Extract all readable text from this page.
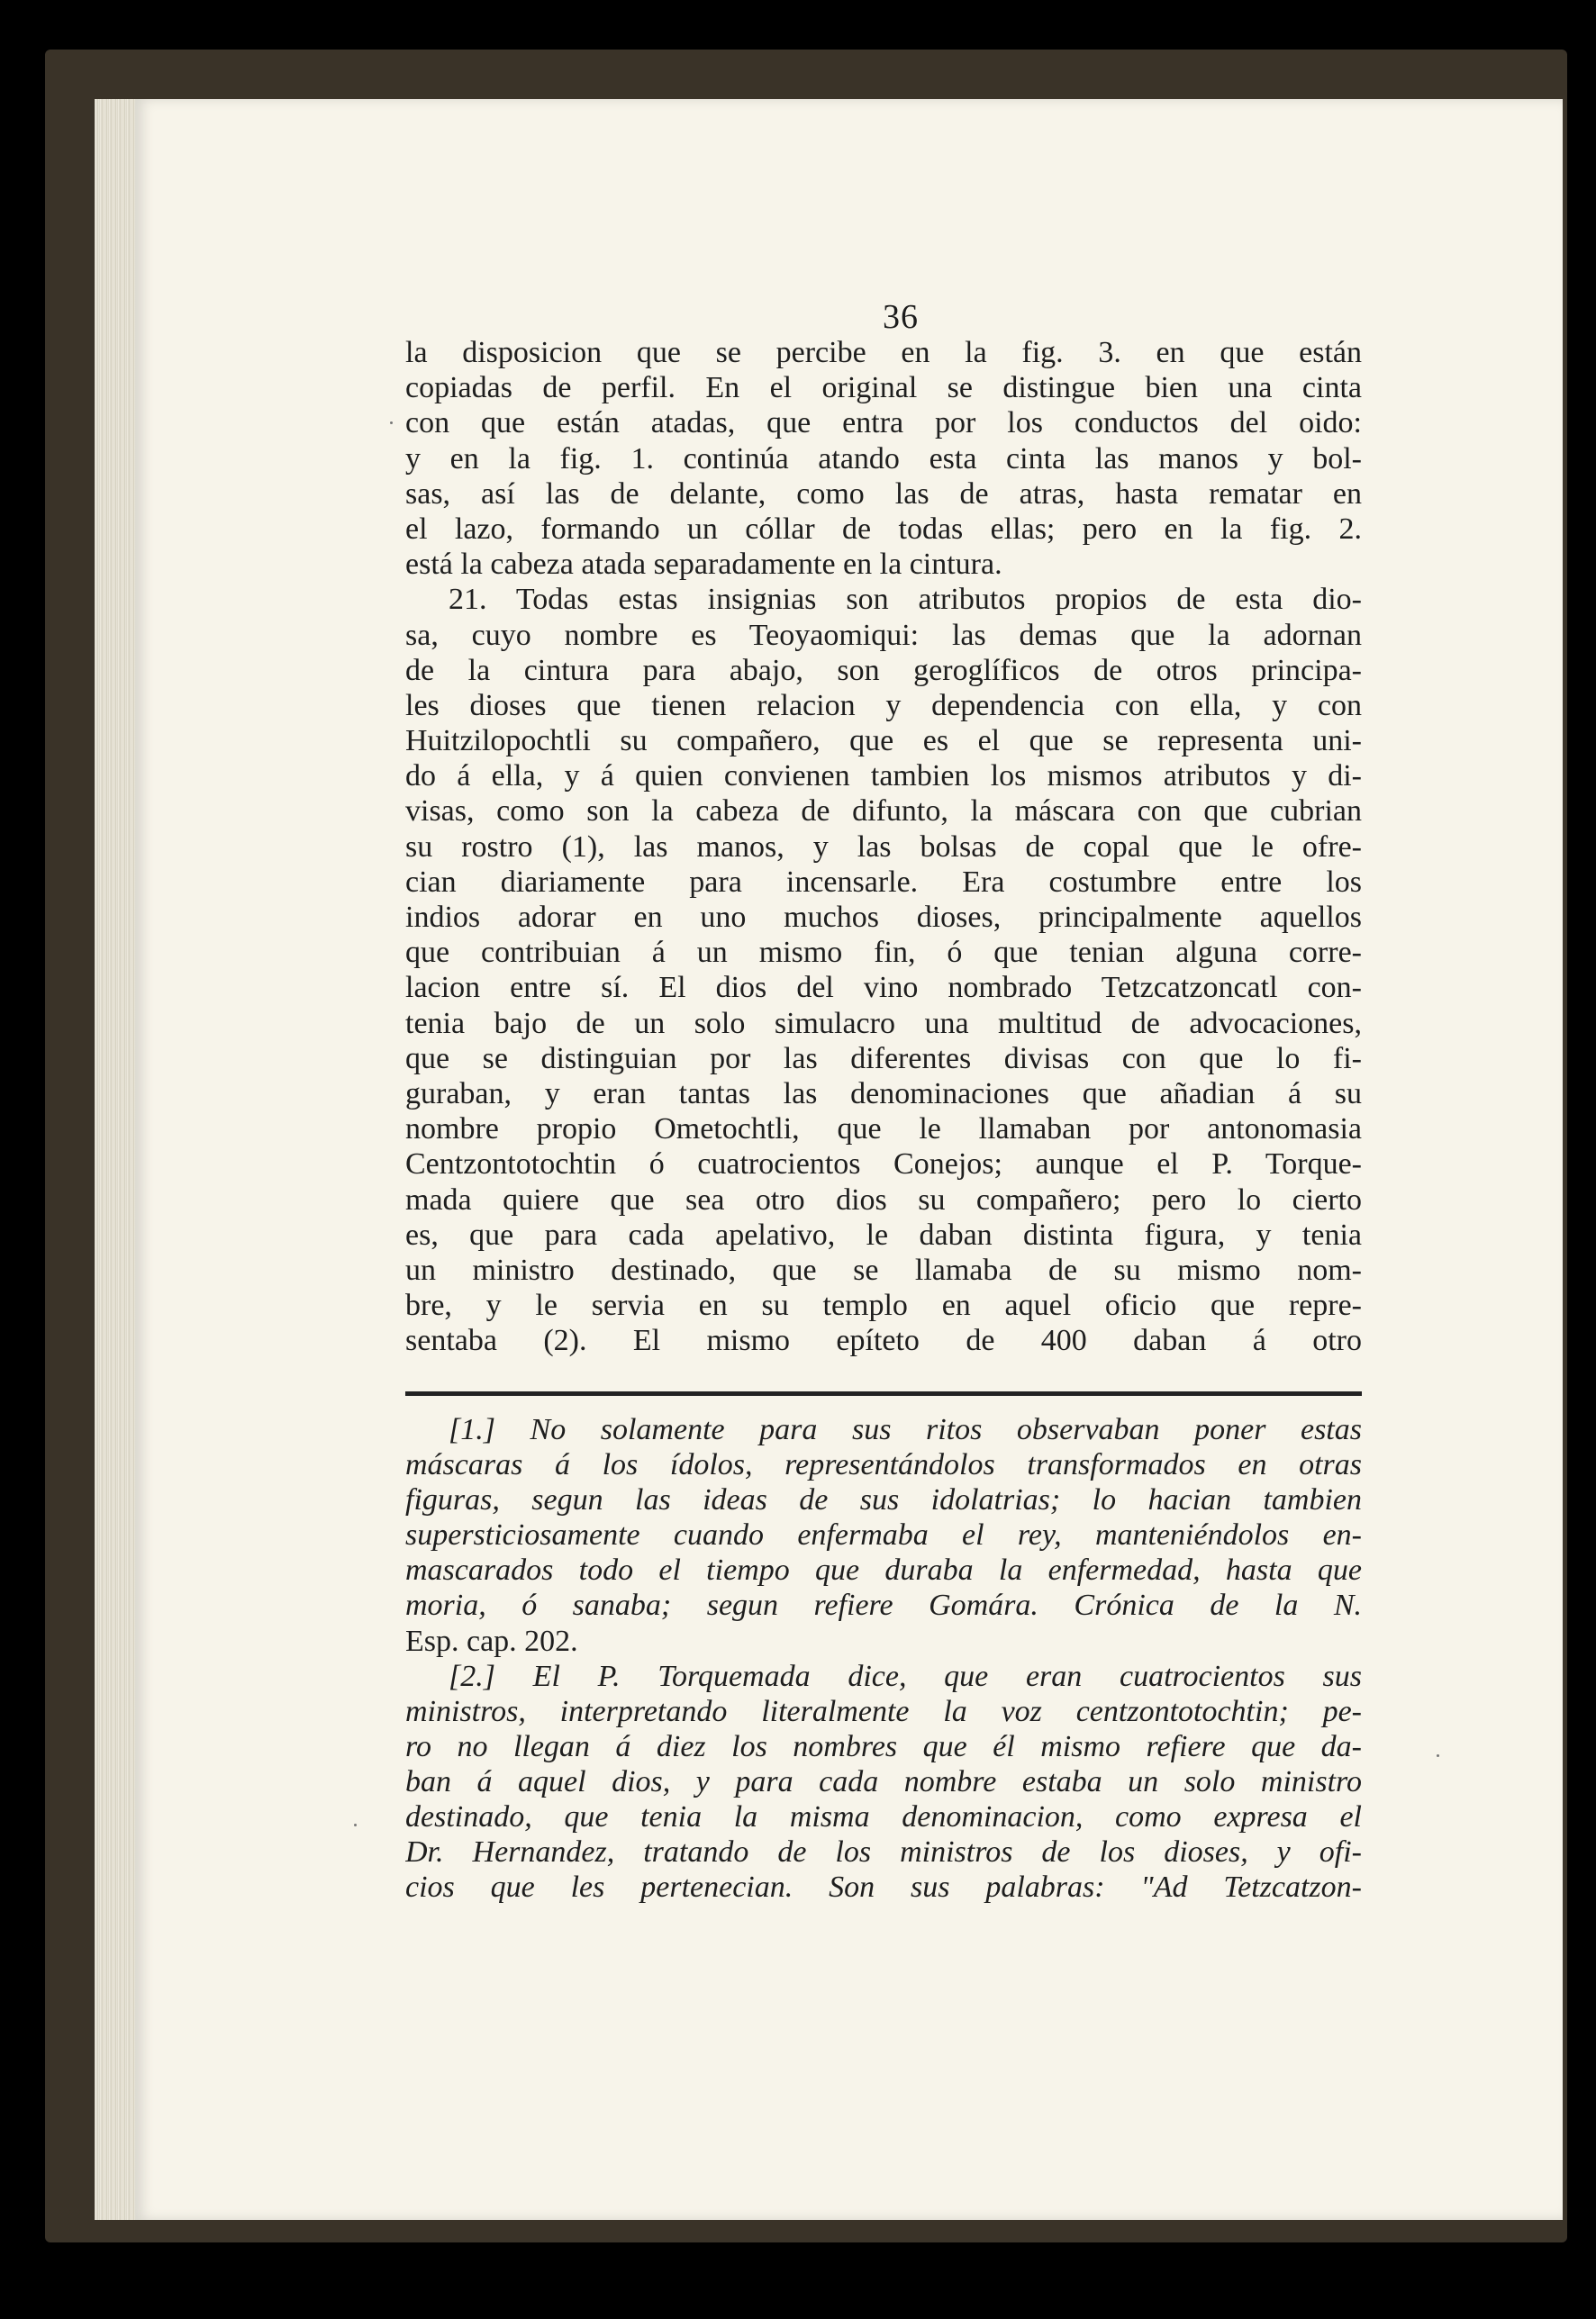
36
la disposicion que se percibe en la fig. 3. en que están
copiadas de perfil. En el original se distingue bien una cinta
con que están atadas, que entra por los conductos del oido:
y en la fig. 1. continúa atando esta cinta las manos y bol-
sas, así las de delante, como las de atras, hasta rematar en
el lazo, formando un cóllar de todas ellas; pero en la fig. 2.
está la cabeza atada separadamente en la cintura.
21. Todas estas insignias son atributos propios de esta dio-
sa, cuyo nombre es Teoyaomiqui: las demas que la adornan
de la cintura para abajo, son geroglíficos de otros principa-
les dioses que tienen relacion y dependencia con ella, y con
Huitzilopochtli su compañero, que es el que se representa uni-
do á ella, y á quien convienen tambien los mismos atributos y di-
visas, como son la cabeza de difunto, la máscara con que cubrian
su rostro (1), las manos, y las bolsas de copal que le ofre-
cian diariamente para incensarle. Era costumbre entre los
indios adorar en uno muchos dioses, principalmente aquellos
que contribuian á un mismo fin, ó que tenian alguna corre-
lacion entre sí. El dios del vino nombrado Tetzcatzoncatl con-
tenia bajo de un solo simulacro una multitud de advocaciones,
que se distinguian por las diferentes divisas con que lo fi-
guraban, y eran tantas las denominaciones que añadian á su
nombre propio Ometochtli, que le llamaban por antonomasia
Centzontotochtin ó cuatrocientos Conejos; aunque el P. Torque-
mada quiere que sea otro dios su compañero; pero lo cierto
es, que para cada apelativo, le daban distinta figura, y tenia
un ministro destinado, que se llamaba de su mismo nom-
bre, y le servia en su templo en aquel oficio que repre-
sentaba (2). El mismo epíteto de 400 daban á otro
[1.] No solamente para sus ritos observaban poner estas
máscaras á los ídolos, representándolos transformados en otras
figuras, segun las ideas de sus idolatrias; lo hacian tambien
supersticiosamente cuando enfermaba el rey, manteniéndolos en-
mascarados todo el tiempo que duraba la enfermedad, hasta que
moria, ó sanaba; segun refiere Gomára. Crónica de la N.
Esp. cap. 202.
[2.] El P. Torquemada dice, que eran cuatrocientos sus
ministros, interpretando literalmente la voz centzontotochtin; pe-
ro no llegan á diez los nombres que él mismo refiere que da-
ban á aquel dios, y para cada nombre estaba un solo ministro
destinado, que tenia la misma denominacion, como expresa el
Dr. Hernandez, tratando de los ministros de los dioses, y ofi-
cios que les pertenecian. Son sus palabras: "Ad Tetzcatzon-
